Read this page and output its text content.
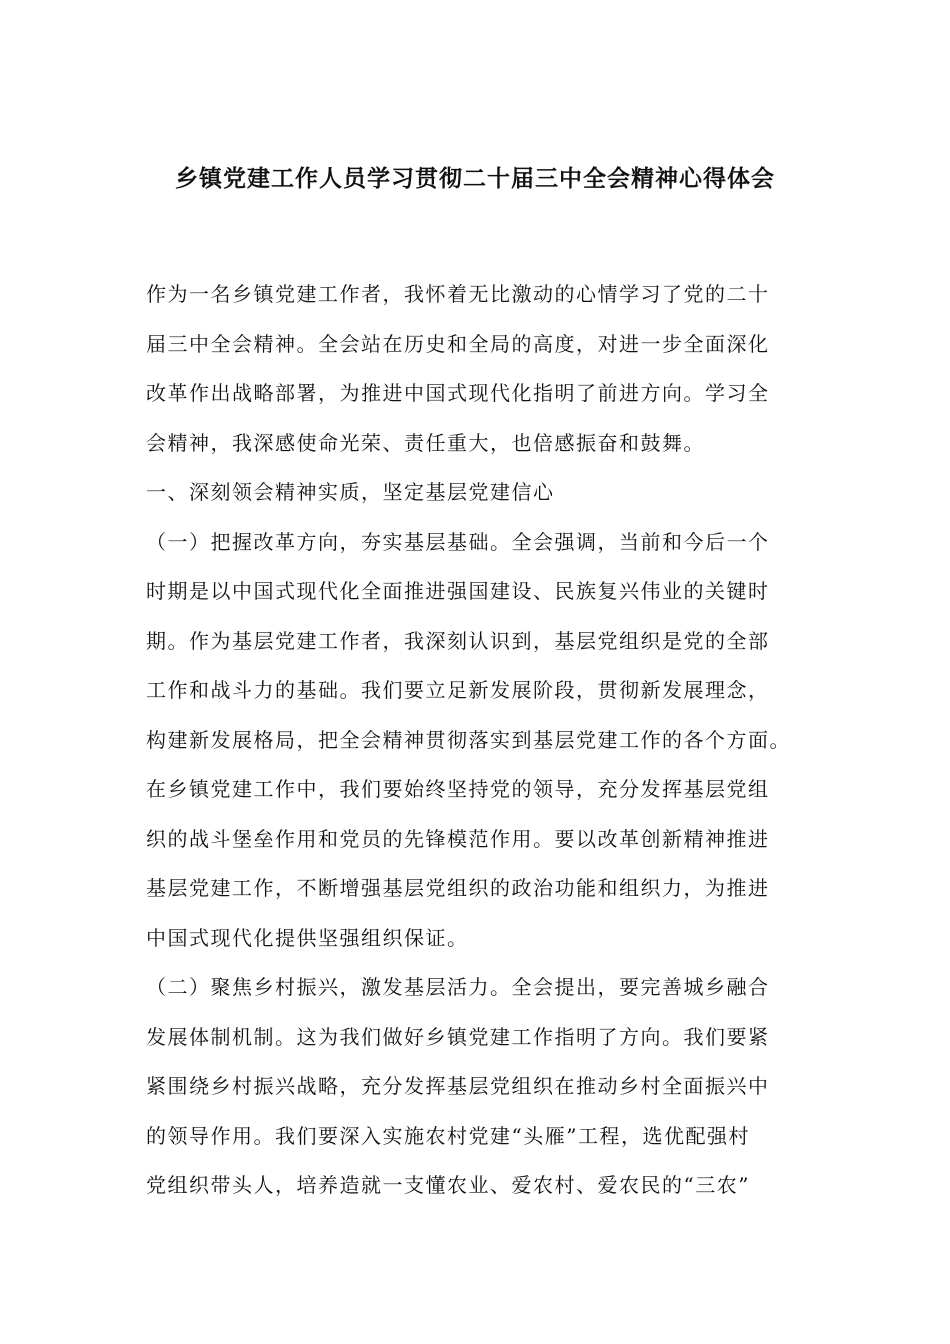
乡镇党建工作人员学习贯彻二十届三中全会精神心得体会
作为一名乡镇党建工作者，我怀着无比激动的心情学习了党的二十
届三中全会精神。全会站在历史和全局的高度，对进一步全面深化
改革作出战略部署，为推进中国式现代化指明了前进方向。学习全
会精神，我深感使命光荣、责任重大，也倍感振奋和鼓舞。
一、深刻领会精神实质，坚定基层党建信心
（一）把握改革方向，夯实基层基础。全会强调，当前和今后一个
时期是以中国式现代化全面推进强国建设、民族复兴伟业的关键时
期。作为基层党建工作者，我深刻认识到，基层党组织是党的全部
工作和战斗力的基础。我们要立足新发展阶段，贯彻新发展理念，
构建新发展格局，把全会精神贯彻落实到基层党建工作的各个方面。
在乡镇党建工作中，我们要始终坚持党的领导，充分发挥基层党组
织的战斗堡垒作用和党员的先锋模范作用。要以改革创新精神推进
基层党建工作，不断增强基层党组织的政治功能和组织力，为推进
中国式现代化提供坚强组织保证。
（二）聚焦乡村振兴，激发基层活力。全会提出，要完善城乡融合
发展体制机制。这为我们做好乡镇党建工作指明了方向。我们要紧
紧围绕乡村振兴战略，充分发挥基层党组织在推动乡村全面振兴中
的领导作用。我们要深入实施农村党建“头雁”工程，选优配强村
党组织带头人，培养造就一支懂农业、爱农村、爱农民的“三农”
